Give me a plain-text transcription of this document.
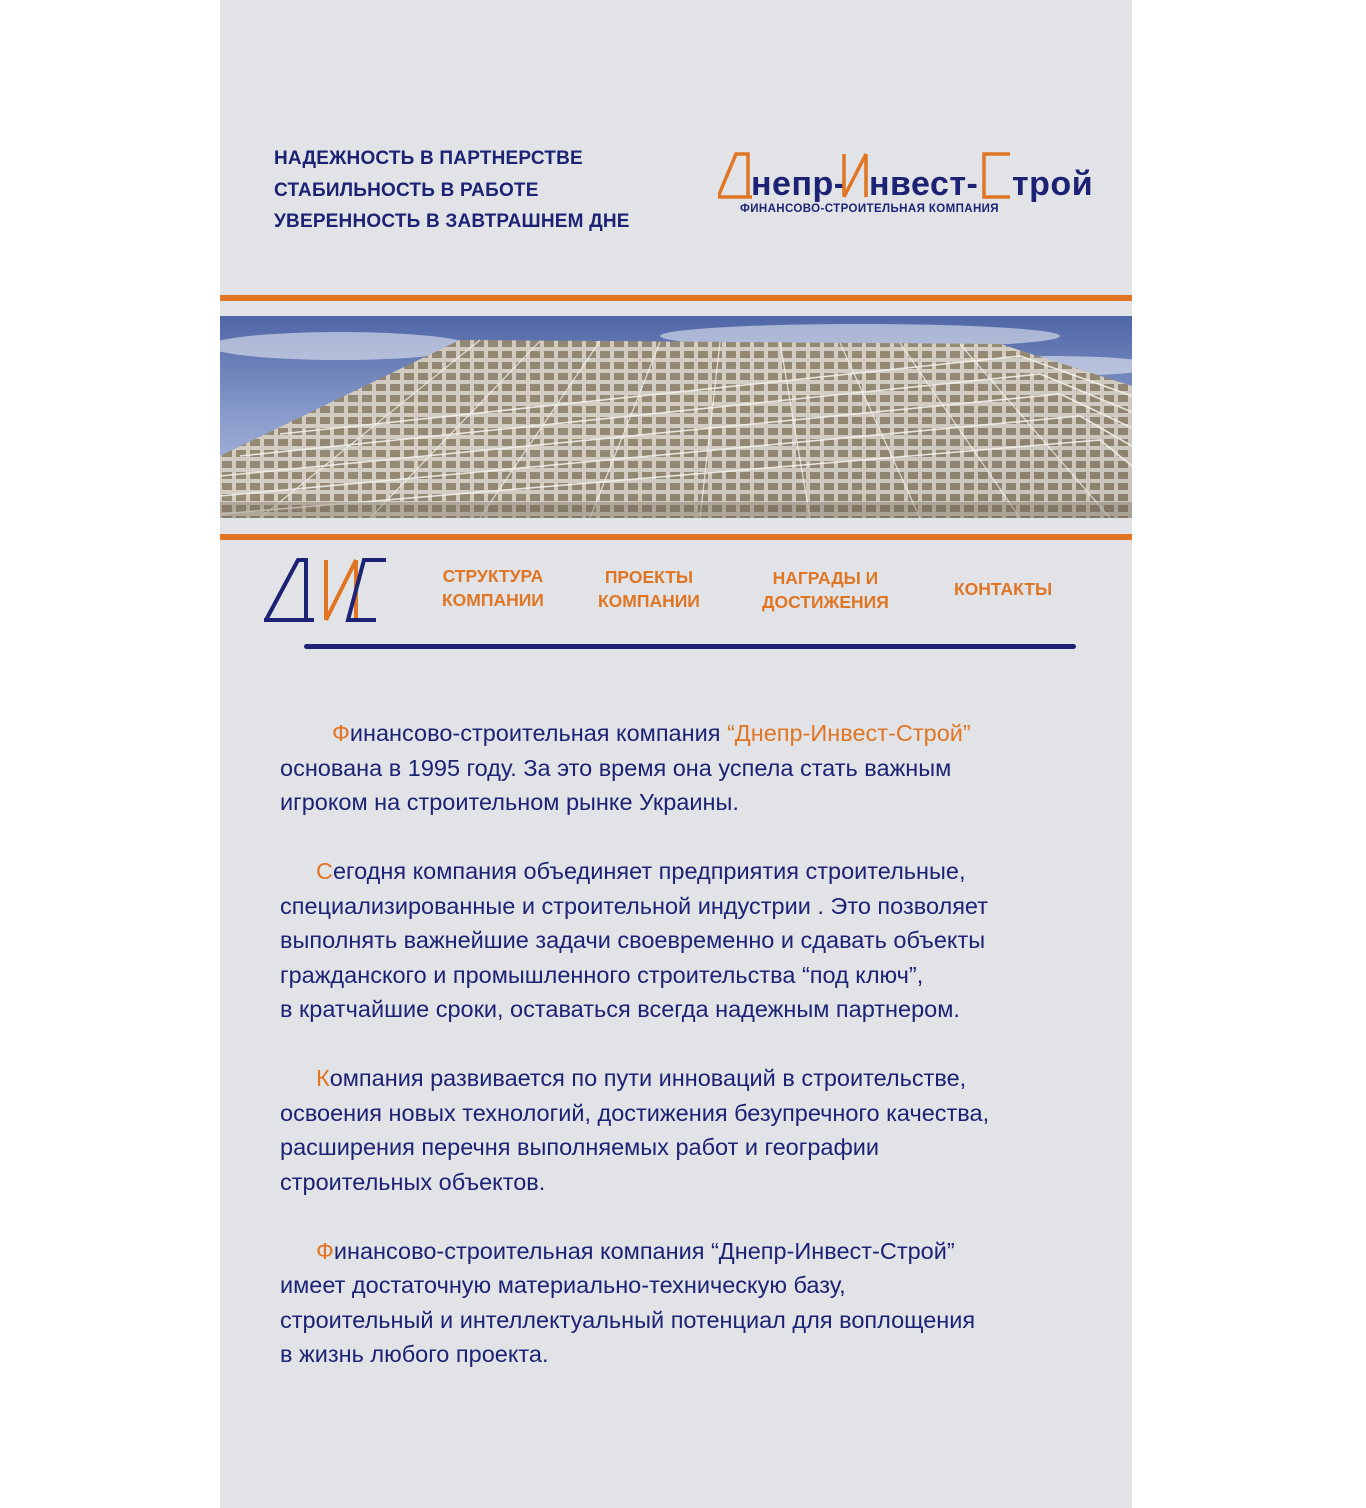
НАДЕЖНОСТЬ В ПАРТНЕРСТВЕ
СТАБИЛЬНОСТЬ В РАБОТЕ
УВЕРЕННОСТЬ В ЗАВТРАШНЕМ ДНЕ
непр- нвест- трой
ФИНАНСОВО-СТРОИТЕЛЬНАЯ КОМПАНИЯ
СТРУКТУРА
КОМПАНИИ
ПРОЕКТЫ
КОМПАНИИ
НАГРАДЫ И
ДОСТИЖЕНИЯ
КОНТАКТЫ
Финансово-строительная компания “Днепр-Инвест-Строй”
основана в 1995 году. За это время она успела стать важным
игроком на строительном рынке Украины.
Сегодня компания объединяет предприятия строительные,
специализированные и строительной индустрии . Это позволяет
выполнять важнейшие задачи своевременно и сдавать объекты
гражданского и промышленного строительства “под ключ”,
в кратчайшие сроки, оставаться всегда надежным партнером.
Компания развивается по пути инноваций в строительстве,
освоения новых технологий, достижения безупречного качества,
расширения перечня выполняемых работ и географии
строительных объектов.
Финансово-строительная компания “Днепр-Инвест-Строй”
имеет достаточную материально-техническую базу,
строительный и интеллектуальный потенциал для воплощения
в жизнь любого проекта.
